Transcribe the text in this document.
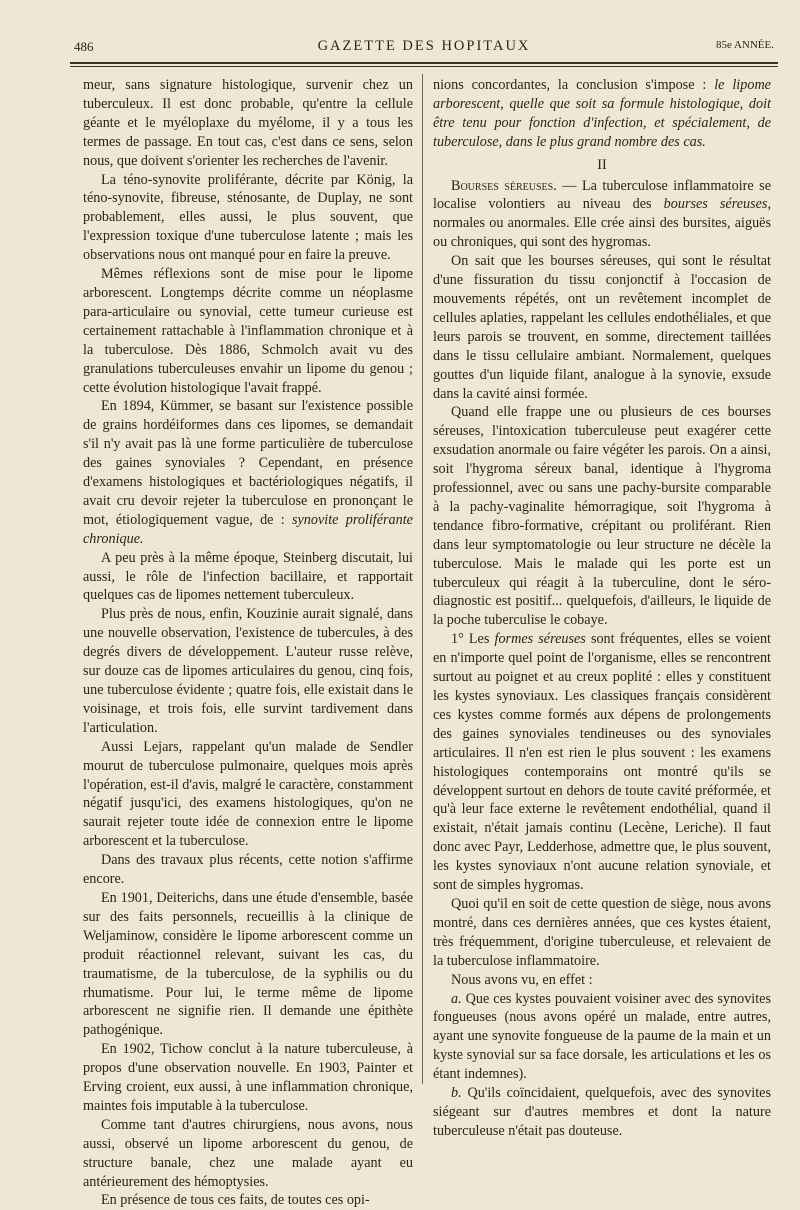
486	GAZETTE DES HOPITAUX	85e ANNÉE.

meur, sans signature histologique, survenir chez un tuberculeux. Il est donc probable, qu'entre la cellule géante et le myéloplaxe du myélome, il y a tous les termes de passage. En tout cas, c'est dans ce sens, selon nous, que doivent s'orienter les recherches de l'avenir.

La téno-synovite proliférante, décrite par König, la téno-synovite, fibreuse, sténosante, de Duplay, ne sont probablement, elles aussi, le plus souvent, que l'expression toxique d'une tuberculose latente ; mais les observations nous ont manqué pour en faire la preuve.

Mêmes réflexions sont de mise pour le lipome arborescent. Longtemps décrite comme un néoplasme para-articulaire ou synovial, cette tumeur curieuse est certainement rattachable à l'inflammation chronique et à la tuberculose. Dès 1886, Schmolch avait vu des granulations tuberculeuses envahir un lipome du genou ; cette évolution histologique l'avait frappé.

En 1894, Kümmer, se basant sur l'existence possible de grains hordéiformes dans ces lipomes, se demandait s'il n'y avait pas là une forme particulière de tuberculose des gaines synoviales ? Cependant, en présence d'examens histologiques et bactériologiques négatifs, il avait cru devoir rejeter la tuberculose en prononçant le mot, étiologiquement vague, de : synovite proliférante chronique.

A peu près à la même époque, Steinberg discutait, lui aussi, le rôle de l'infection bacillaire, et rapportait quelques cas de lipomes nettement tuberculeux.

Plus près de nous, enfin, Kouzinie aurait signalé, dans une nouvelle observation, l'existence de tubercules, à des degrés divers de développement. L'auteur russe relève, sur douze cas de lipomes articulaires du genou, cinq fois, une tuberculose évidente ; quatre fois, elle existait dans le voisinage, et trois fois, elle survint tardivement dans l'articulation.

Aussi Lejars, rappelant qu'un malade de Sendler mourut de tuberculose pulmonaire, quelques mois après l'opération, est-il d'avis, malgré le caractère, constamment négatif jusqu'ici, des examens histologiques, qu'on ne saurait rejeter toute idée de connexion entre le lipome arborescent et la tuberculose.

Dans des travaux plus récents, cette notion s'affirme encore.

En 1901, Deiterichs, dans une étude d'ensemble, basée sur des faits personnels, recueillis à la clinique de Weljaminow, considère le lipome arborescent comme un produit réactionnel relevant, suivant les cas, du traumatisme, de la tuberculose, de la syphilis ou du rhumatisme. Pour lui, le terme même de lipome arborescent ne signifie rien. Il demande une épithète pathogénique.

En 1902, Tichow conclut à la nature tuberculeuse, à propos d'une observation nouvelle. En 1903, Painter et Erving croient, eux aussi, à une inflammation chronique, maintes fois imputable à la tuberculose.

Comme tant d'autres chirurgiens, nous avons, nous aussi, observé un lipome arborescent du genou, de structure banale, chez une malade ayant eu antérieurement des hémoptysies.

En présence de tous ces faits, de toutes ces opi-

nions concordantes, la conclusion s'impose : le lipome arborescent, quelle que soit sa formule histologique, doit être tenu pour fonction d'infection, et spécialement, de tuberculose, dans le plus grand nombre des cas.

II

Bourses séreuses. — La tuberculose inflammatoire se localise volontiers au niveau des bourses séreuses, normales ou anormales. Elle crée ainsi des bursites, aiguës ou chroniques, qui sont des hygromas.

On sait que les bourses séreuses, qui sont le résultat d'une fissuration du tissu conjonctif à l'occasion de mouvements répétés, ont un revêtement incomplet de cellules aplaties, rappelant les cellules endothéliales, et que leurs parois se trouvent, en somme, directement taillées dans le tissu cellulaire ambiant. Normalement, quelques gouttes d'un liquide filant, analogue à la synovie, exsude dans la cavité ainsi formée.

Quand elle frappe une ou plusieurs de ces bourses séreuses, l'intoxication tuberculeuse peut exagérer cette exsudation anormale ou faire végéter les parois. On a ainsi, soit l'hygroma séreux banal, identique à l'hygroma professionnel, avec ou sans une pachy-bursite comparable à la pachy-vaginalite hémorragique, soit l'hygroma à tendance fibro-formative, crépitant ou proliférant. Rien dans leur symptomatologie ou leur structure ne décèle la tuberculose. Mais le malade qui les porte est un tuberculeux qui réagit à la tuberculine, dont le séro-diagnostic est positif... quelquefois, d'ailleurs, le liquide de la poche tuberculise le cobaye.

1° Les formes séreuses sont fréquentes, elles se voient en n'importe quel point de l'organisme, elles se rencontrent surtout au poignet et au creux poplité : elles y constituent les kystes synoviaux. Les classiques français considèrent ces kystes comme formés aux dépens de prolongements des gaines synoviales tendineuses ou des synoviales articulaires. Il n'en est rien le plus souvent : les examens histologiques contemporains ont montré qu'ils se développent surtout en dehors de toute cavité préformée, et qu'à leur face externe le revêtement endothélial, quand il existait, n'était jamais continu (Lecène, Leriche). Il faut donc avec Payr, Ledderhose, admettre que, le plus souvent, les kystes synoviaux n'ont aucune relation synoviale, et sont de simples hygromas.

Quoi qu'il en soit de cette question de siège, nous avons montré, dans ces dernières années, que ces kystes étaient, très fréquemment, d'origine tuberculeuse, et relevaient de la tuberculose inflammatoire.

Nous avons vu, en effet :

a. Que ces kystes pouvaient voisiner avec des synovites fongueuses (nous avons opéré un malade, entre autres, ayant une synovite fongueuse de la paume de la main et un kyste synovial sur sa face dorsale, les articulations et les os étant indemnes).

b. Qu'ils coïncidaient, quelquefois, avec des synovites siégeant sur d'autres membres et dont la nature tuberculeuse n'était pas douteuse.
